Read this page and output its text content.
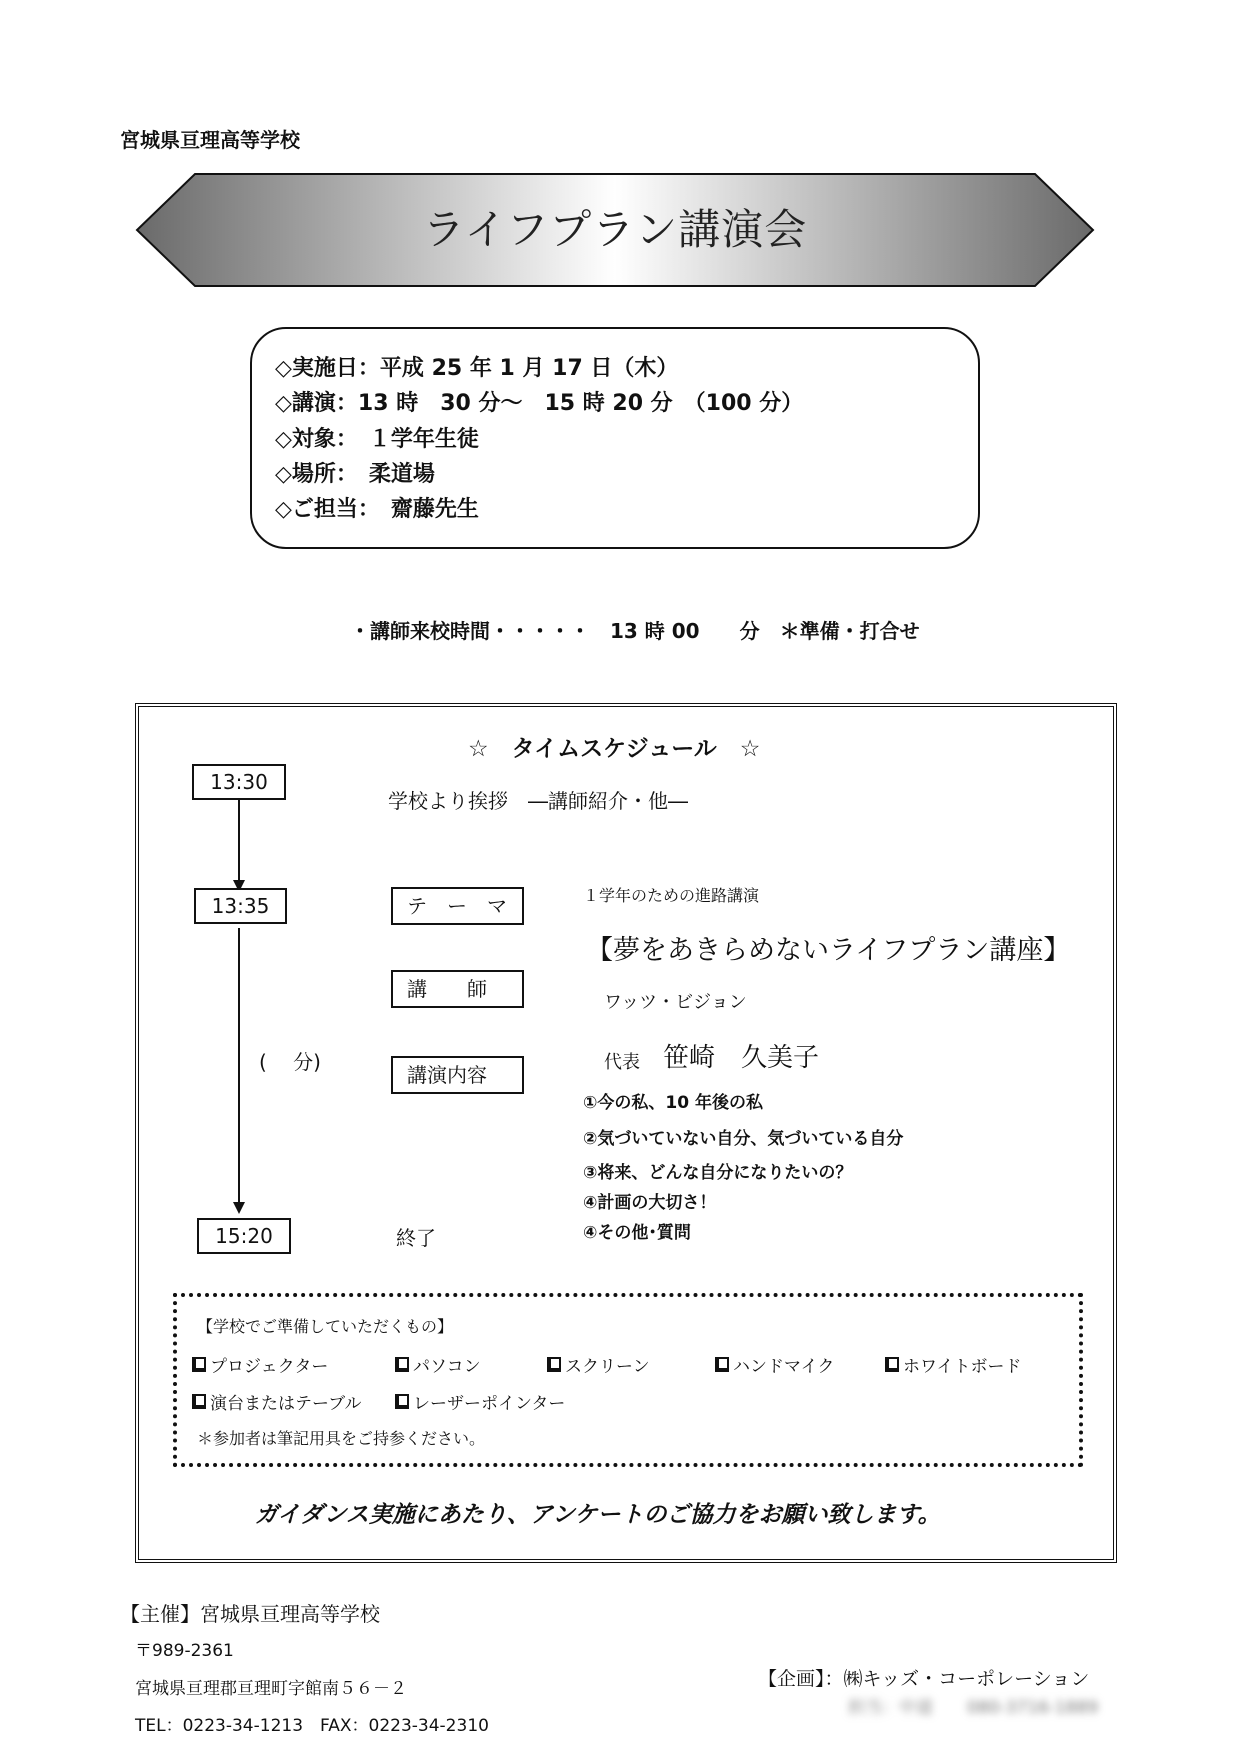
宮城県亘理高等学校
ライフプラン講演会
◇実施日：平成 25 年 1 月 17 日（木）
◇講演：13 時　30 分～　15 時 20 分　（100 分）
◇対象：　１学年生徒
◇場所：　柔道場
◇ご担当：　齋藤先生
・講師来校時間・・・・・　13 時 00　　分　＊準備・打合せ
☆　タイムスケジュール　☆
13:30
13:35
15:20
(　 分)
学校より挨拶　―講師紹介・他―
テ　ー　マ
講　　師
講演内容
１学年のための進路講演
【夢をあきらめないライフプラン講座】
ワッツ・ビジョン
代表 笹崎　久美子
①今の私、10 年後の私
②気づいていない自分、気づいている自分
③将来、どんな自分になりたいの？
④計画の大切さ！
④その他･質問
終了
【学校でご準備していただくもの】
プロジェクター	パソコン	スクリーン	ハンドマイク	ホワイトボード
演台またはテーブル	レーザーポインター
＊参加者は筆記用具をご持参ください。
ガイダンス実施にあたり、アンケートのご協力をお願い致します。
【主催】宮城県亘理高等学校
〒989-2361
宮城県亘理郡亘理町字館南５６－２
TEL：0223-34-1213　FAX：0223-34-2310
【企画】：㈱キッズ・コーポレーション
担当：中道　　080-3716-1889
